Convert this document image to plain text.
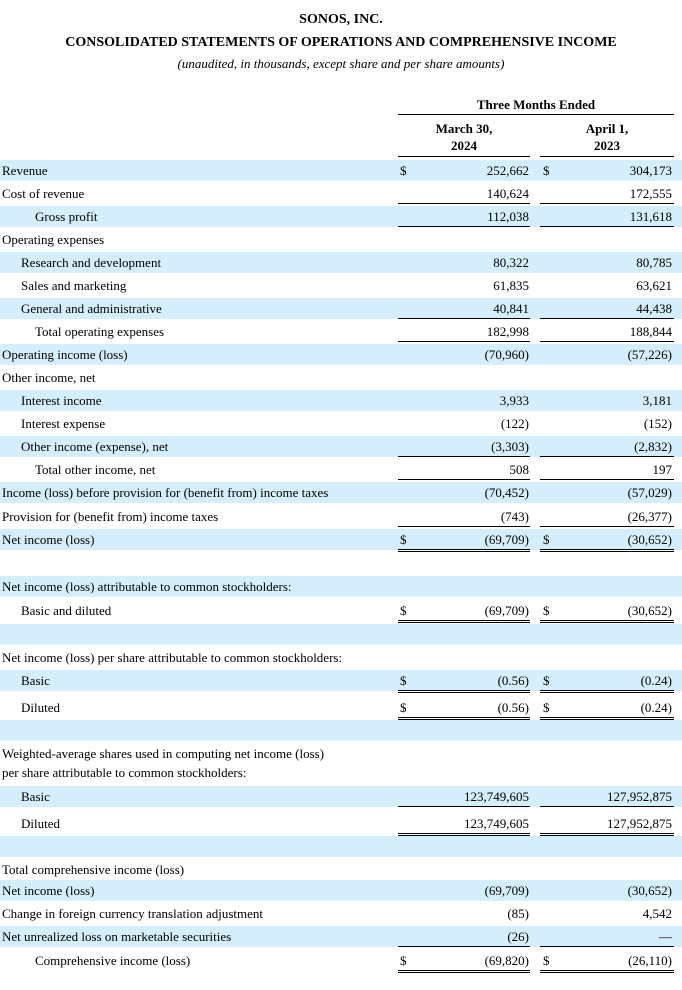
SONOS, INC.
CONSOLIDATED STATEMENTS OF OPERATIONS AND COMPREHENSIVE INCOME
(unaudited, in thousands, except share and per share amounts)
Three Months Ended
March 30,
2024
April 1,
2023
Revenue	$	252,662 $	304,173
Cost of revenue	140,624	172,555
Gross profit	112,038	131,618
Operating expenses
Research and development	80,322	80,785
Sales and marketing	61,835	63,621
General and administrative	40,841	44,438
Total operating expenses	182,998	188,844
Operating income (loss)	(70,960)	(57,226)
Other income, net
Interest income	3,933	3,181
Interest expense	(122)	(152)
Other income (expense), net	(3,303)	(2,832)
Total other income, net	508	197
Income (loss) before provision for (benefit from) income taxes	(70,452)	(57,029)
Provision for (benefit from) income taxes	(743)	(26,377)
Net income (loss)	$	(69,709) $	(30,652)
Net income (loss) attributable to common stockholders:
Basic and diluted	$	(69,709) $	(30,652)
Net income (loss) per share attributable to common stockholders:
Basic	$	(0.56) $	(0.24)
Diluted	$	(0.56) $	(0.24)
Weighted-average shares used in computing net income (loss)
per share attributable to common stockholders:
Basic	123,749,605	127,952,875
Diluted	123,749,605	127,952,875
Total comprehensive income (loss)
Net income (loss)	(69,709)	(30,652)
Change in foreign currency translation adjustment	(85)	4,542
Net unrealized loss on marketable securities	(26)	—
Comprehensive income (loss)	$	(69,820) $	(26,110)
